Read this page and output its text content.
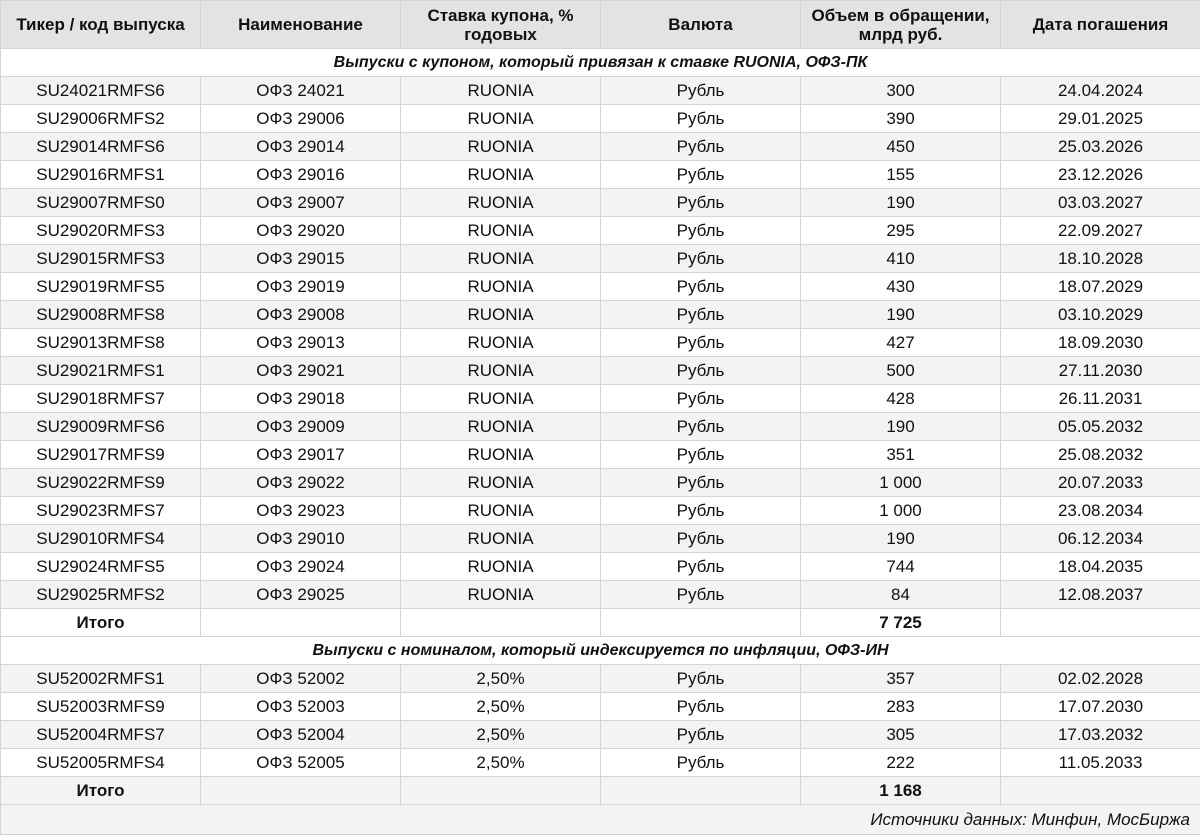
Тикер / код выпуска	Наименование	Ставка купона, % годовых	Валюта	Объем в обращении, млрд руб.	Дата погашения
Выпуски с купоном, который привязан к ставке RUONIA, ОФЗ-ПК					
SU24021RMFS6	ОФЗ 24021	RUONIA	Рубль	300	24.04.2024
SU29006RMFS2	ОФЗ 29006	RUONIA	Рубль	390	29.01.2025
SU29014RMFS6	ОФЗ 29014	RUONIA	Рубль	450	25.03.2026
SU29016RMFS1	ОФЗ 29016	RUONIA	Рубль	155	23.12.2026
SU29007RMFS0	ОФЗ 29007	RUONIA	Рубль	190	03.03.2027
SU29020RMFS3	ОФЗ 29020	RUONIA	Рубль	295	22.09.2027
SU29015RMFS3	ОФЗ 29015	RUONIA	Рубль	410	18.10.2028
SU29019RMFS5	ОФЗ 29019	RUONIA	Рубль	430	18.07.2029
SU29008RMFS8	ОФЗ 29008	RUONIA	Рубль	190	03.10.2029
SU29013RMFS8	ОФЗ 29013	RUONIA	Рубль	427	18.09.2030
SU29021RMFS1	ОФЗ 29021	RUONIA	Рубль	500	27.11.2030
SU29018RMFS7	ОФЗ 29018	RUONIA	Рубль	428	26.11.2031
SU29009RMFS6	ОФЗ 29009	RUONIA	Рубль	190	05.05.2032
SU29017RMFS9	ОФЗ 29017	RUONIA	Рубль	351	25.08.2032
SU29022RMFS9	ОФЗ 29022	RUONIA	Рубль	1 000	20.07.2033
SU29023RMFS7	ОФЗ 29023	RUONIA	Рубль	1 000	23.08.2034
SU29010RMFS4	ОФЗ 29010	RUONIA	Рубль	190	06.12.2034
SU29024RMFS5	ОФЗ 29024	RUONIA	Рубль	744	18.04.2035
SU29025RMFS2	ОФЗ 29025	RUONIA	Рубль	84	12.08.2037
Итого				7 725	
Выпуски с номиналом, который индексируется по инфляции, ОФЗ-ИН					
SU52002RMFS1	ОФЗ 52002	2,50%	Рубль	357	02.02.2028
SU52003RMFS9	ОФЗ 52003	2,50%	Рубль	283	17.07.2030
SU52004RMFS7	ОФЗ 52004	2,50%	Рубль	305	17.03.2032
SU52005RMFS4	ОФЗ 52005	2,50%	Рубль	222	11.05.2033
Итого				1 168	
Источники данных: Минфин, МосБиржа					
